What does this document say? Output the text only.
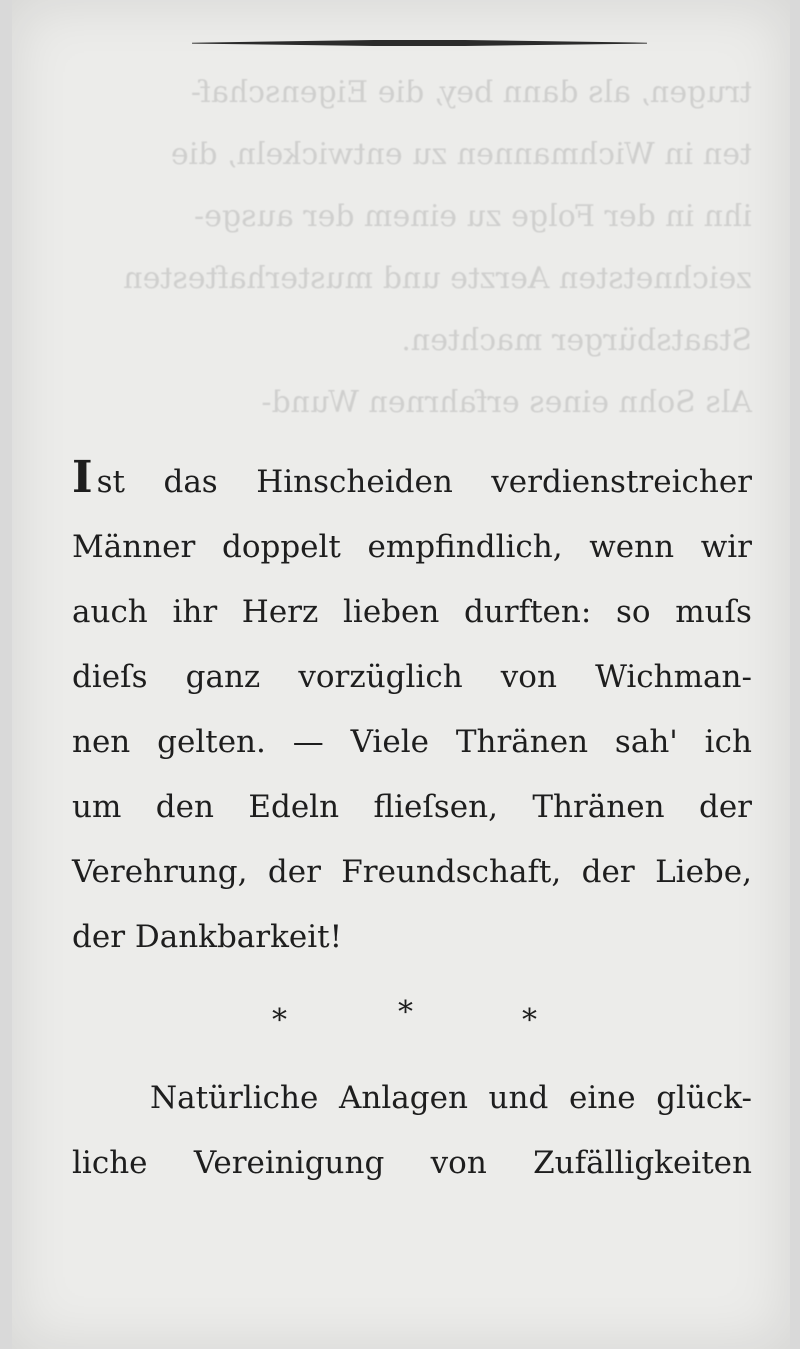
trugen, als dann bey, die Eigenschaf-
ten in Wichmannen zu entwickeln, die
ihn in der Folge zu einem der ausge-
zeichnetsten Aerzte und musterhaftesten
Staatsbürger machten.
Als Sohn eines erfahrnen Wund-
I st das Hinscheiden verdienstreicher
Männer doppelt empfindlich, wenn wir
auch ihr Herz lieben durften: so muſs
dieſs ganz vorzüglich von Wichman-
nen gelten. — Viele Thränen sah' ich
um den Edeln flieſsen, Thränen der
Verehrung, der Freundschaft, der Liebe,
der Dankbarkeit!
*	*	*
Natürliche Anlagen und eine glück-
liche Vereinigung von Zufälligkeiten
